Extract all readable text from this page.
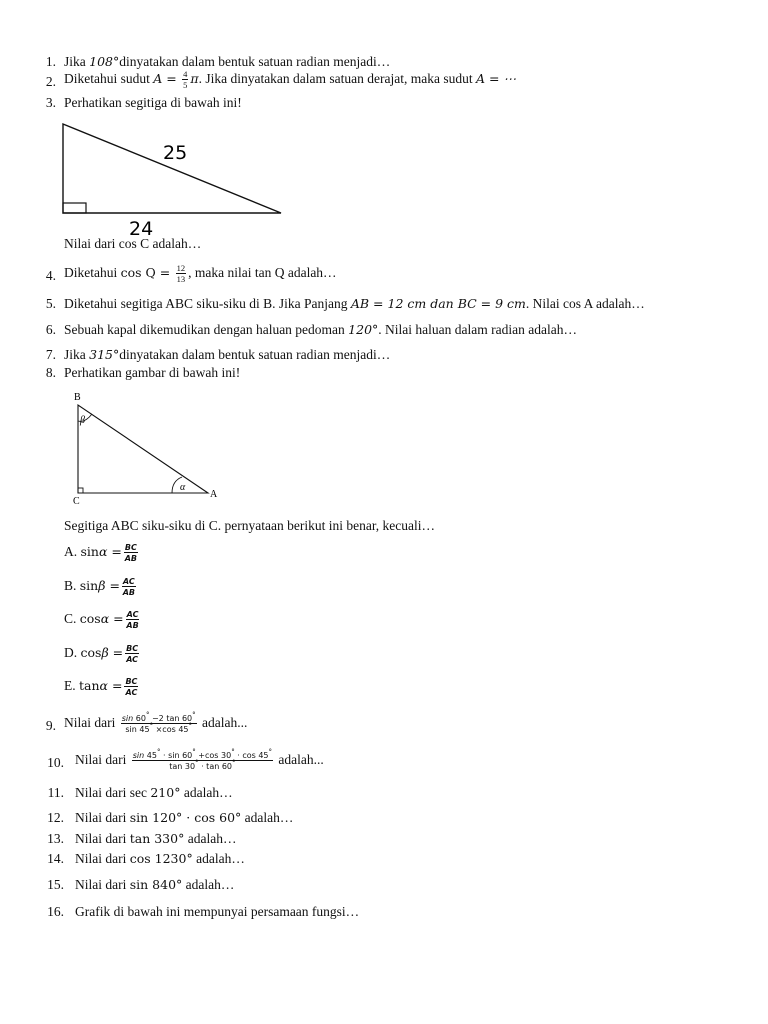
1. Jika 108°dinyatakan dalam bentuk satuan radian menjadi…
2. Diketahui sudut $A = \frac{4}{5} \pi$. Jika dinyatakan dalam satuan derajat, maka sudut A = ⋯
3. Perhatikan segitiga di bawah ini!
25
24
Nilai dari cos C adalah…
4. Diketahui $\cos Q = \frac{12}{13}$ , maka nilai tan Q adalah…
5. Diketahui segitiga ABC siku-siku di B. Jika Panjang AB = 12 cm dan BC = 9 cm. Nilai cos A adalah…
6. Sebuah kapal dikemudikan dengan haluan pedoman 120°. Nilai haluan dalam radian adalah…
7. Jika 315°dinyatakan dalam bentuk satuan radian menjadi…
8. Perhatikan gambar di bawah ini!
B
C
A
β
α
Segitiga ABC siku-siku di C. pernyataan berikut ini benar, kecuali…
A. $\sin\alpha = \frac{BC}{AB}$
B. $\sin\beta = \frac{AC}{AB}$
C. $\cos\alpha = \frac{AC}{AB}$
D. $\cos\beta = \frac{BC}{AC}$
E. $\tan\alpha = \frac{BC}{AC}$
9. Nilai dari $\frac{\sin 60^\circ -2 \tan 60^\circ}{\sin 45^\circ \times\cos 45^\circ}$ adalah...
10. Nilai dari $\frac{\sin 45^\circ \cdot \sin 60^\circ +\cos 30^\circ \cdot \cos 45^\circ}{\tan 30^\circ \cdot \tan 60^\circ}$ adalah...
11. Nilai dari sec 210° adalah…
12. Nilai dari sin 120° · cos 60° adalah…
13. Nilai dari tan 330° adalah…
14. Nilai dari cos 1230° adalah…
15. Nilai dari sin 840° adalah…
16. Grafik di bawah ini mempunyai persamaan fungsi…
